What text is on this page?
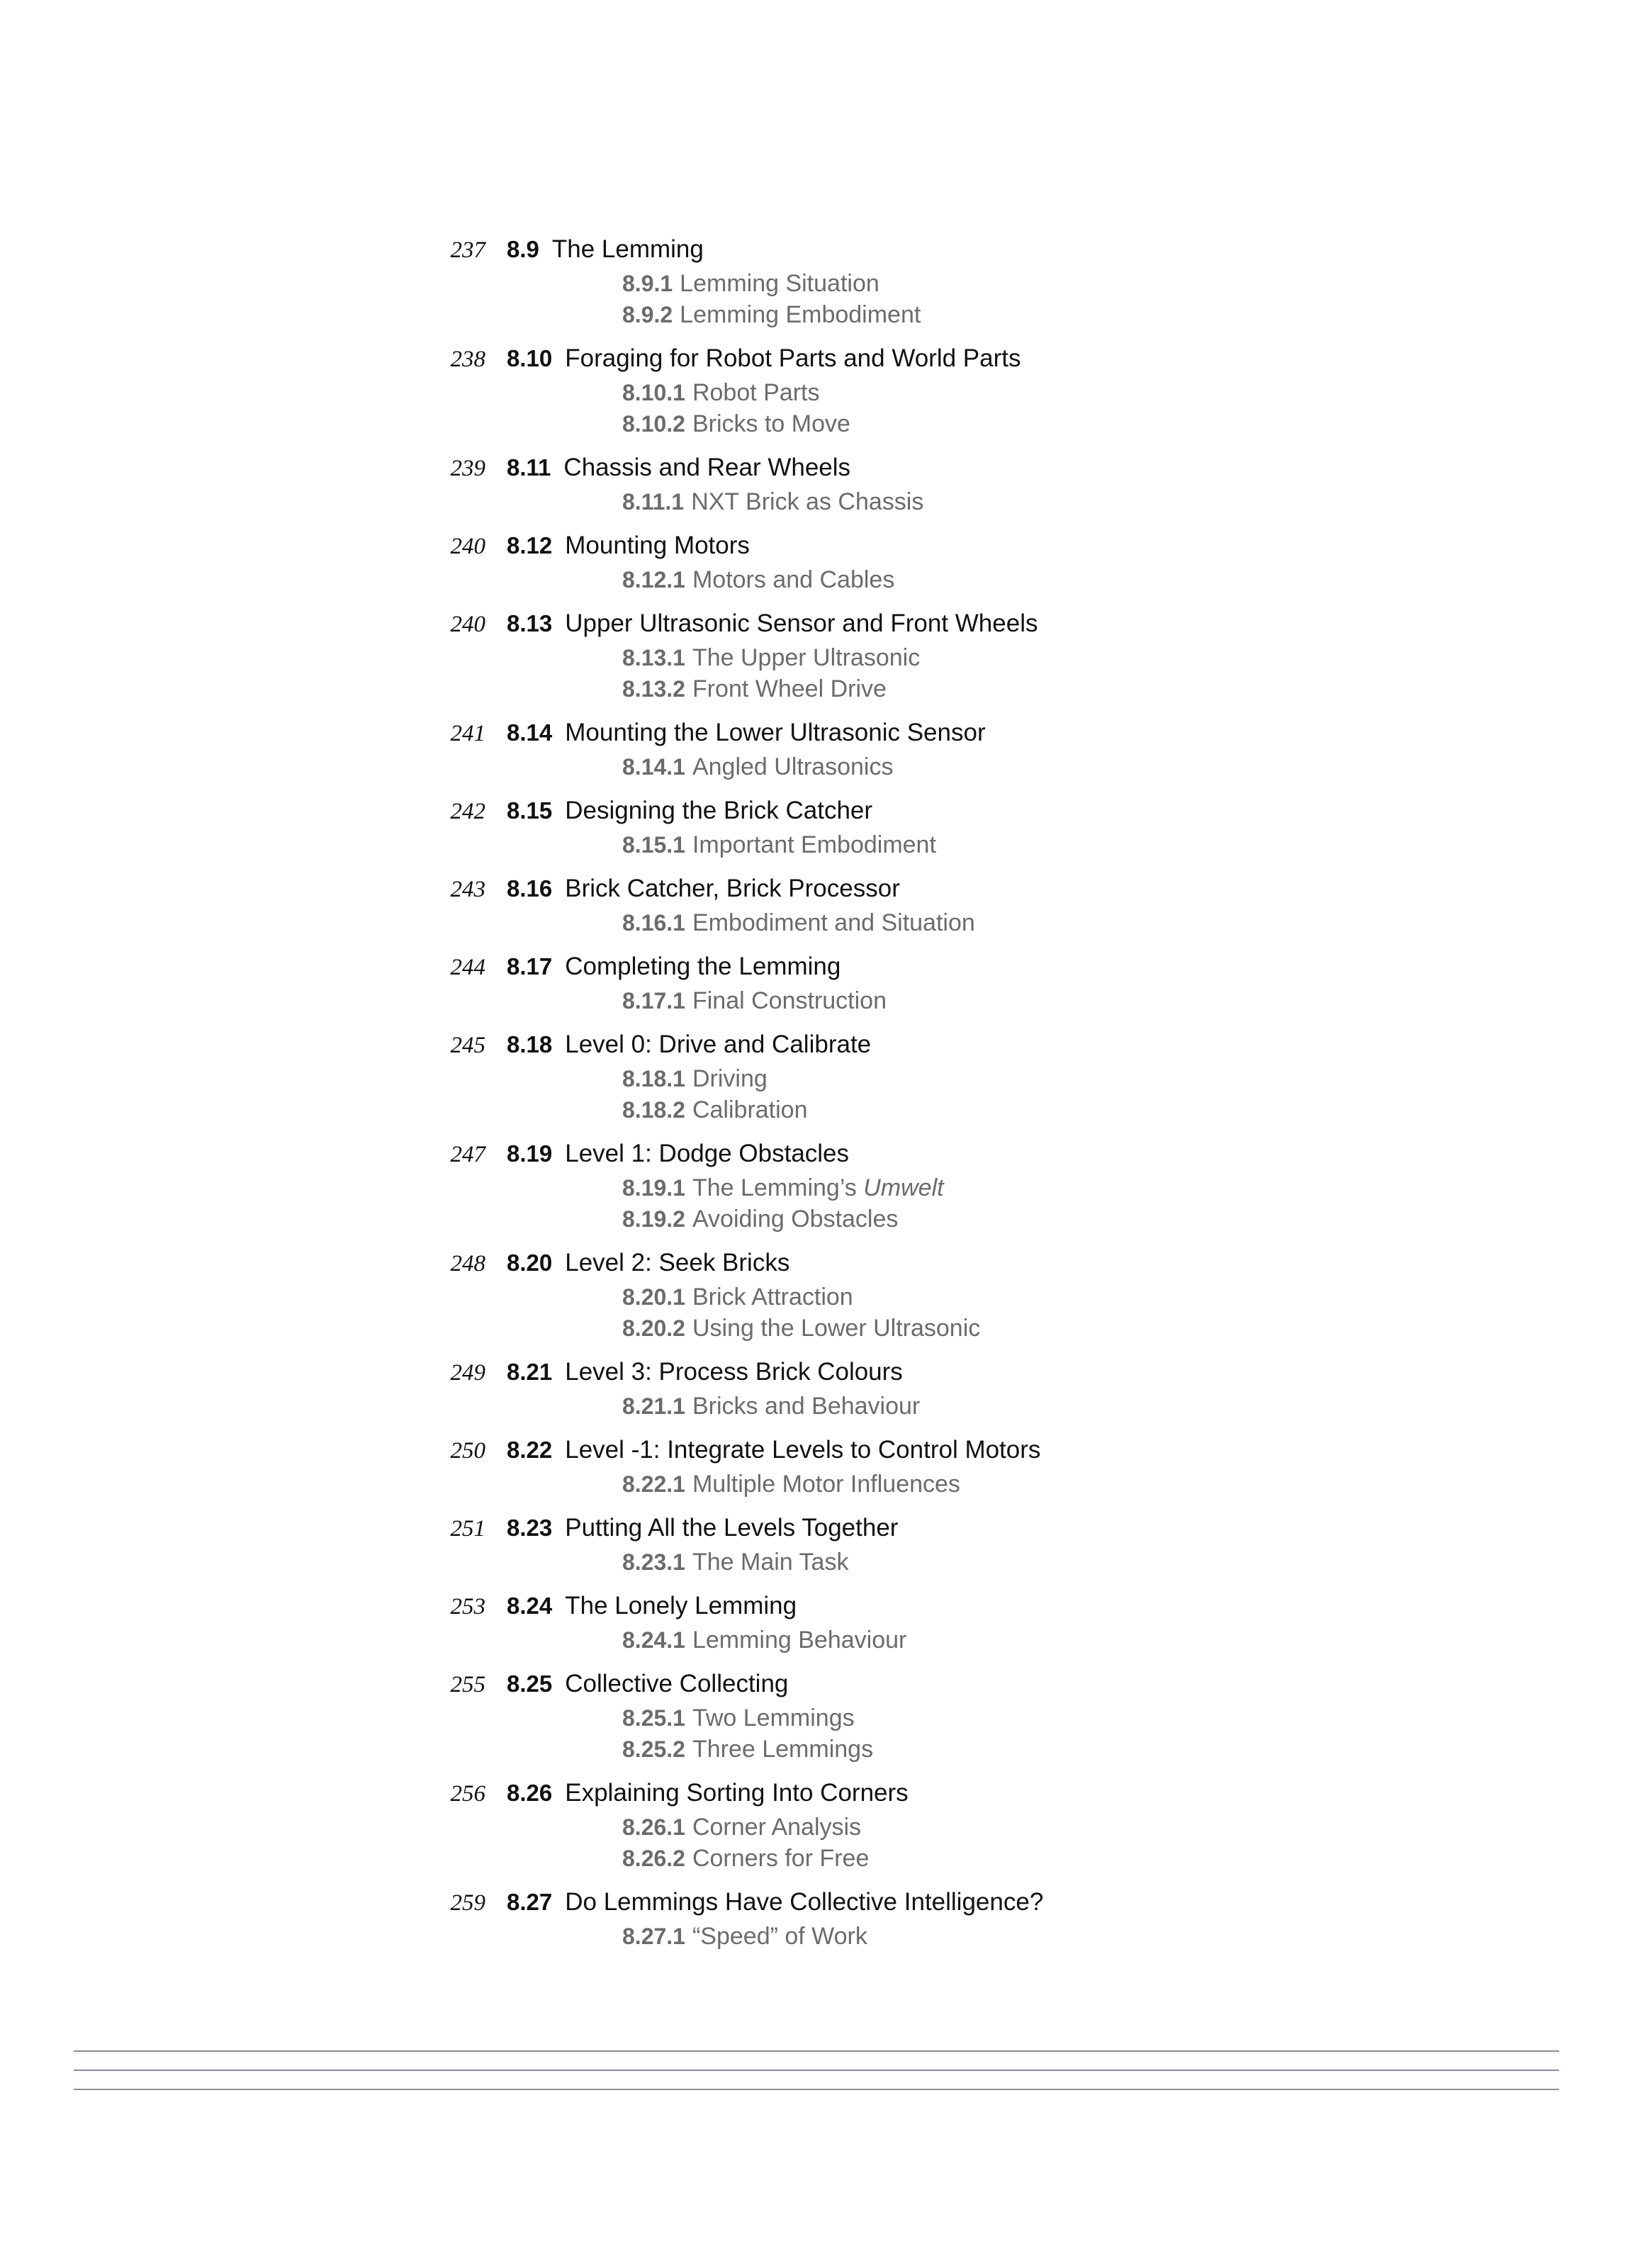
237 8.9 The Lemming
8.9.1 Lemming Situation
8.9.2 Lemming Embodiment
238 8.10 Foraging for Robot Parts and World Parts
8.10.1 Robot Parts
8.10.2 Bricks to Move
239 8.11 Chassis and Rear Wheels
8.11.1 NXT Brick as Chassis
240 8.12 Mounting Motors
8.12.1 Motors and Cables
240 8.13 Upper Ultrasonic Sensor and Front Wheels
8.13.1 The Upper Ultrasonic
8.13.2 Front Wheel Drive
241 8.14 Mounting the Lower Ultrasonic Sensor
8.14.1 Angled Ultrasonics
242 8.15 Designing the Brick Catcher
8.15.1 Important Embodiment
243 8.16 Brick Catcher, Brick Processor
8.16.1 Embodiment and Situation
244 8.17 Completing the Lemming
8.17.1 Final Construction
245 8.18 Level 0: Drive and Calibrate
8.18.1 Driving
8.18.2 Calibration
247 8.19 Level 1: Dodge Obstacles
8.19.1 The Lemming’s Umwelt
8.19.2 Avoiding Obstacles
248 8.20 Level 2: Seek Bricks
8.20.1 Brick Attraction
8.20.2 Using the Lower Ultrasonic
249 8.21 Level 3: Process Brick Colours
8.21.1 Bricks and Behaviour
250 8.22 Level -1: Integrate Levels to Control Motors
8.22.1 Multiple Motor Influences
251 8.23 Putting All the Levels Together
8.23.1 The Main Task
253 8.24 The Lonely Lemming
8.24.1 Lemming Behaviour
255 8.25 Collective Collecting
8.25.1 Two Lemmings
8.25.2 Three Lemmings
256 8.26 Explaining Sorting Into Corners
8.26.1 Corner Analysis
8.26.2 Corners for Free
259 8.27 Do Lemmings Have Collective Intelligence?
8.27.1 “Speed” of Work
